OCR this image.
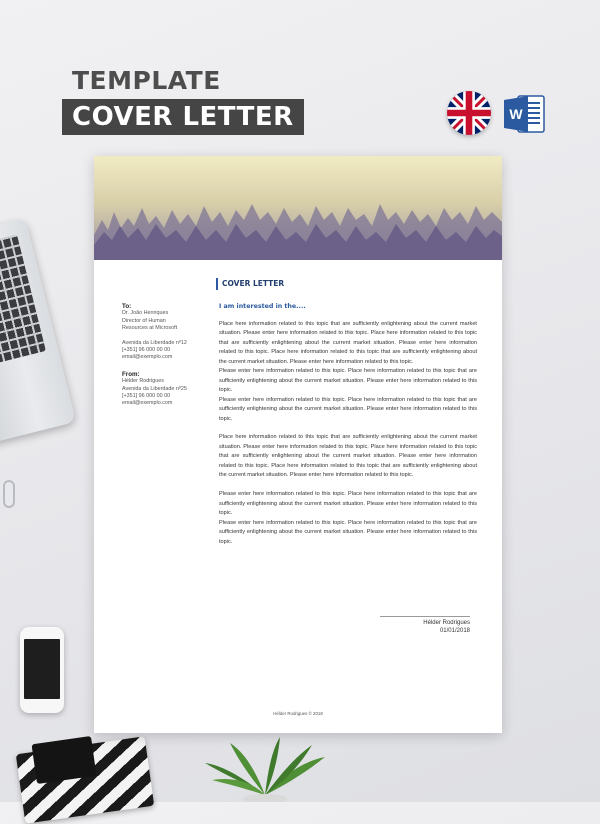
TEMPLATE
COVER LETTER	W
COVER LETTER
To:
Dr. João Henriques
Director of Human
Resources at Microsoft
Avenida da Liberdade nº12
[+351] 96 000 00 00
email@exemplo.com
From:
Hélder Rodrigues
Avenida da Liberdade nº25
[+351] 96 000 00 00
email@exemplo.com
I am interested in the....
Place here information related to this topic that are sufficiently enlightening about the current market situation. Please enter here information related to this topic. Place here information related to this topic that are sufficiently enlightening about the current market situation. Please enter here information related to this topic. Place here information related to this topic that are sufficiently enlightening about the current market situation. Please enter here information related to this topic.
Please enter here information related to this topic. Place here information related to this topic that are sufficiently enlightening about the current market situation. Please enter here information related to this topic.
Please enter here information related to this topic. Place here information related to this topic that are sufficiently enlightening about the current market situation. Please enter here information related to this topic.
Place here information related to this topic that are sufficiently enlightening about the current market situation. Please enter here information related to this topic. Place here information related to this topic that are sufficiently enlightening about the current market situation. Please enter here information related to this topic. Place here information related to this topic that are sufficiently enlightening about the current market situation. Please enter here information related to this topic.
Please enter here information related to this topic. Place here information related to this topic that are sufficiently enlightening about the current market situation. Please enter here information related to this topic.
Please enter here information related to this topic. Place here information related to this topic that are sufficiently enlightening about the current market situation. Please enter here information related to this topic.
Hélder Rodrigues
01/01/2018
Hélder Rodrigues © 2018
